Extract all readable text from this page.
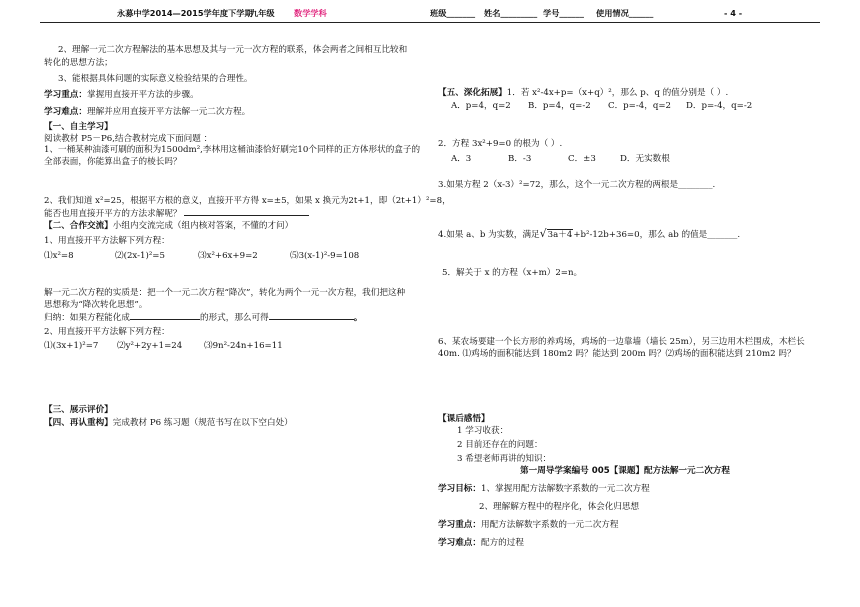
永募中学2014—2015学年度下学期
九年级 数学学科	班级_______ 姓名_________ 学号______ 使用情况______	- 4 -
2、理解一元二次方程解法的基本思想及其与一元一次方程的联系，体会两者之间相互比较和
转化的思想方法；
3、能根据具体问题的实际意义检验结果的合理性。
学习重点：掌握用直接开平方法的步骤。
学习难点：理解并应用直接开平方法解一元二次方程。
【一、自主学习】
阅读教材 P5－P6,结合教材完成下面问题 ：
1、一桶某种油漆可刷的面积为1500dm²,李林用这桶油漆恰好刷完10个同样的正方体形状的盒子的
全部表面，你能算出盒子的棱长吗？
2、我们知道 x²=25，根据平方根的意义，直接开平方得 x=±5，如果 x 换元为2t+1，即（2t+1）²=8，
能否也用直接开平方的方法求解呢？
【二、合作交流】小组内交流完成（组内核对答案，不懂的才问）
1、用直接开平方法解下列方程：
⑴x²=8	⑵(2x-1)²=5	⑶x²+6x+9=2	⑸3(x-1)²-9=108
解一元二次方程的实质是：把一个一元二次方程“降次”，转化为两个一元一次方程，我们把这种
思想称为“降次转化思想”。
归纳：如果方程能化成	的形式，那么可得	。
2、用直接开平方法解下列方程：
⑴(3x+1)²=7 ⑵y²+2y+1=24	⑶9n²-24n+16=11
【三、展示评价】
【四、再认重构】完成教材 P6 练习题（规范书写在以下空白处）
【五、深化拓展】1．若 x²-4x+p=（x+q）²，那么 p、q 的值分别是（ ）.
A．p=4，q=2 B．p=4，q=-2 C．p=-4，q=2 D．p=-4，q=-2
2．方程 3x²+9=0 的根为（ ）.
A．3	B．-3	C．±3	D．无实数根
3.如果方程 2（x-3）²=72，那么，这个一元二次方程的两根是________.
4.如果 a、b 为实数，满足√3a＋4+b²-12b+36=0，那么 ab 的值是_______.
5．解关于 x 的方程（x+m）2=n。
6、某农场要建一个长方形的养鸡场，鸡场的一边靠墙（墙长 25m），另三边用木栏围成，木栏长
40m. ⑴鸡场的面积能达到 180m2 吗？能达到 200m 吗？⑵鸡场的面积能达到 210m2 吗？
【课后感悟】
1 学习收获：
2 目前还存在的问题：
3 希望老师再讲的知识：
第一周导学案编号 005【课题】配方法解一元二次方程
学习目标：1、掌握用配方法解数字系数的一元二次方程
2、理解解方程中的程序化，体会化归思想
学习重点：用配方法解数字系数的一元二次方程
学习难点：配方的过程
